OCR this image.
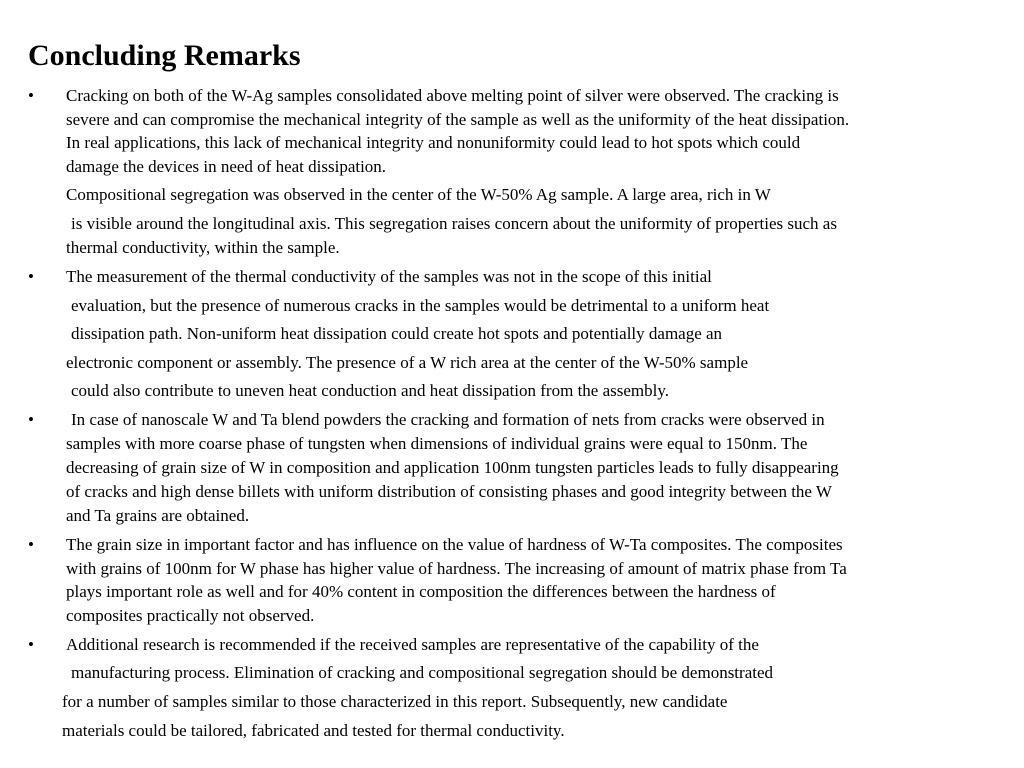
Concluding Remarks
•
•
•
•
•
Cracking on both of the W-Ag samples consolidated above melting point of silver were observed. The cracking is
severe and can compromise the mechanical integrity of the sample as well as the uniformity of the heat dissipation.
In real applications, this lack of mechanical integrity and nonuniformity could lead to hot spots which could
damage the devices in need of heat dissipation.
Compositional segregation was observed in the center of the W-50% Ag sample. A large area, rich in W
is visible around the longitudinal axis. This segregation raises concern about the uniformity of properties such as
thermal conductivity, within the sample.
The measurement of the thermal conductivity of the samples was not in the scope of this initial
evaluation, but the presence of numerous cracks in the samples would be detrimental to a uniform heat
dissipation path. Non-uniform heat dissipation could create hot spots and potentially damage an
electronic component or assembly. The presence of a W rich area at the center of the W-50% sample
could also contribute to uneven heat conduction and heat dissipation from the assembly.
In case of nanoscale W and Ta blend powders the cracking and formation of nets from cracks were observed in
samples with more coarse phase of tungsten when dimensions of individual grains were equal to 150nm. The
decreasing of grain size of W in composition and application 100nm tungsten particles leads to fully disappearing
of cracks and high dense billets with uniform distribution of consisting phases and good integrity between the W
and Ta grains are obtained.
The grain size in important factor and has influence on the value of hardness of W-Ta composites. The composites
with grains of 100nm for W phase has higher value of hardness. The increasing of amount of matrix phase from Ta
plays important role as well and for 40% content in composition the differences between the hardness of
composites practically not observed.
Additional research is recommended if the received samples are representative of the capability of the
manufacturing process. Elimination of cracking and compositional segregation should be demonstrated
for a number of samples similar to those characterized in this report. Subsequently, new candidate
materials could be tailored, fabricated and tested for thermal conductivity.
